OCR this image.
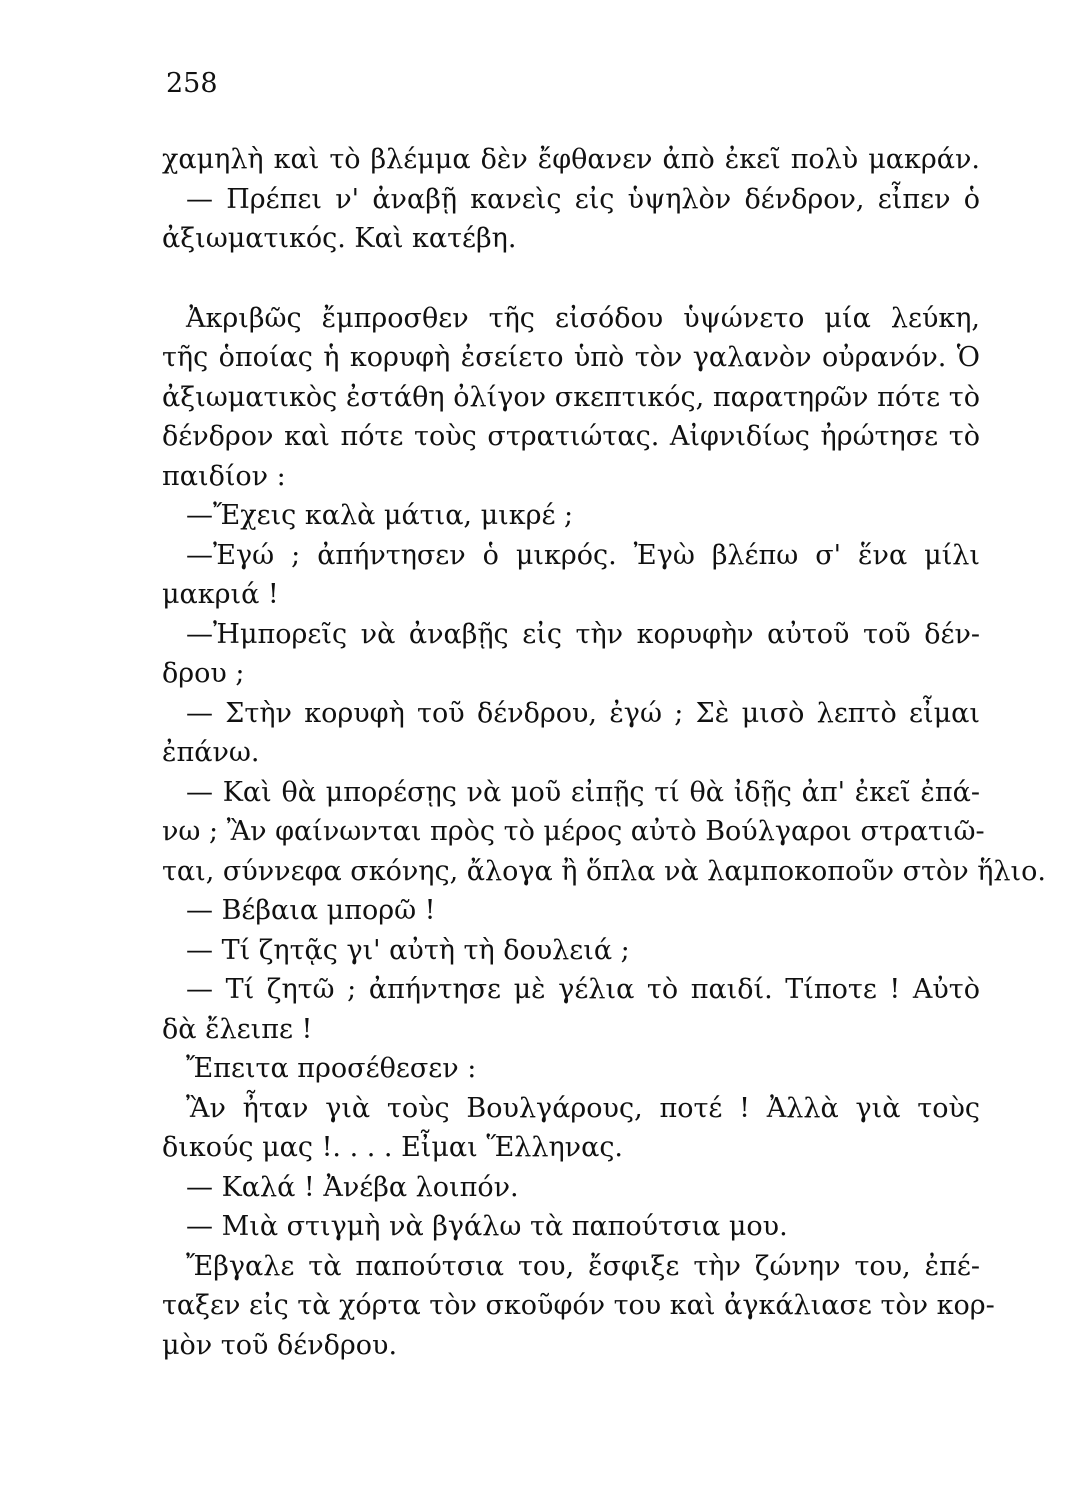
258
χαμηλὴ καὶ τὸ βλέμμα δὲν ἔφθανεν ἀπὸ ἐκεῖ πολὺ μακράν.
— Πρέπει ν' ἀναβῇ κανεὶς εἰς ὑψηλὸν δένδρον, εἶπεν ὁ
ἀξιωματικός. Καὶ κατέβη.
Ἀκριβῶς ἔμπροσθεν τῆς εἰσόδου ὑψώνετο μία λεύκη,
τῆς ὁποίας ἡ κορυφὴ ἐσείετο ὑπὸ τὸν γαλανὸν οὐρανόν. Ὁ
ἀξιωματικὸς ἐστάθη ὀλίγον σκεπτικός, παρατηρῶν πότε τὸ
δένδρον καὶ πότε τοὺς στρατιώτας. Αἰφνιδίως ἠρώτησε τὸ
παιδίον :
—Ἔχεις καλὰ μάτια, μικρέ ;
—Ἐγώ ; ἀπήντησεν ὁ μικρός. Ἐγὼ βλέπω σ' ἕνα μίλι
μακριά !
—Ἠμπορεῖς νὰ ἀναβῇς εἰς τὴν κορυφὴν αὐτοῦ τοῦ δέν-
δρου ;
— Στὴν κορυφὴ τοῦ δένδρου, ἐγώ ; Σὲ μισὸ λεπτὸ εἶμαι
ἐπάνω.
— Καὶ θὰ μπορέσῃς νὰ μοῦ εἰπῇς τί θὰ ἰδῇς ἀπ' ἐκεῖ ἐπά-
νω ; Ἂν φαίνωνται πρὸς τὸ μέρος αὐτὸ Βούλγαροι στρατιῶ-
ται, σύννεφα σκόνης, ἄλογα ἢ ὅπλα νὰ λαμποκοποῦν στὸν ἥλιο.
— Βέβαια μπορῶ !
— Τί ζητᾷς γι' αὐτὴ τὴ δουλειά ;
— Τί ζητῶ ; ἀπήντησε μὲ γέλια τὸ παιδί. Τίποτε ! Αὐτὸ
δὰ ἔλειπε !
Ἔπειτα προσέθεσεν :
Ἂν ἦταν γιὰ τοὺς Βουλγάρους, ποτέ ! Ἀλλὰ γιὰ τοὺς
δικούς μας !. . . . Εἶμαι Ἕλληνας.
— Καλά ! Ἀνέβα λοιπόν.
— Μιὰ στιγμὴ νὰ βγάλω τὰ παπούτσια μου.
Ἔβγαλε τὰ παπούτσια του, ἔσφιξε τὴν ζώνην του, ἐπέ-
ταξεν εἰς τὰ χόρτα τὸν σκοῦφόν του καὶ ἀγκάλιασε τὸν κορ-
μὸν τοῦ δένδρου.
